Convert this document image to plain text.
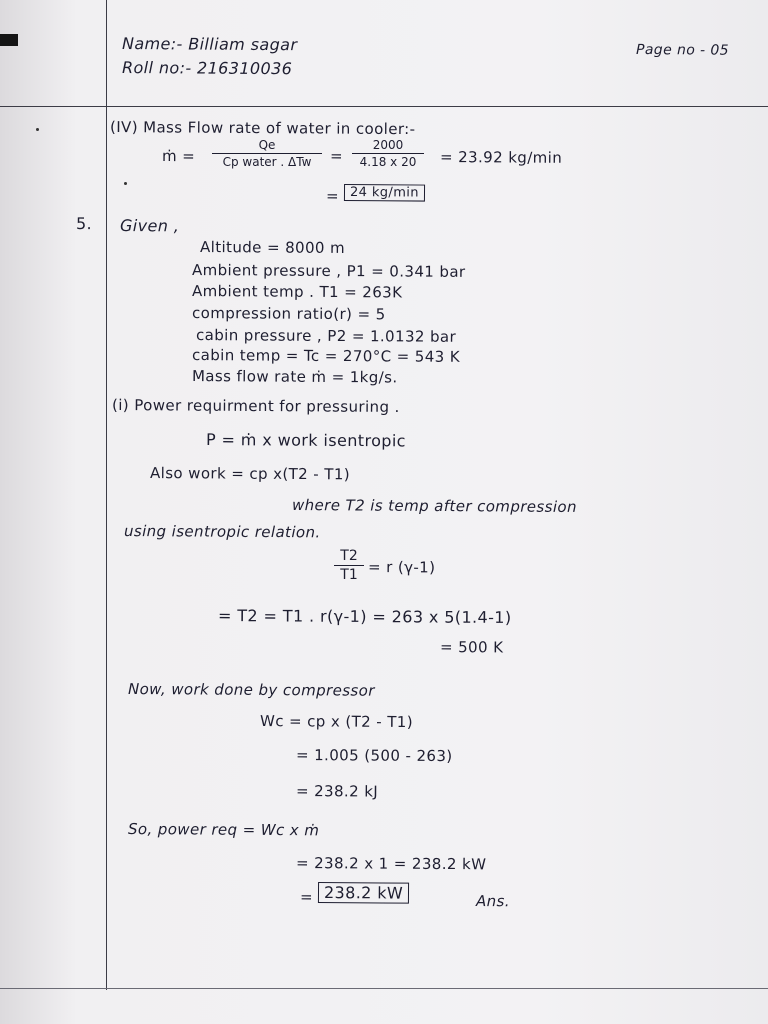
Name:- Billiam sagar
Roll no:- 216310036
Page no - 05
(IV) Mass Flow rate of water in cooler:-
ṁ =
Qe
Cp water . ΔTw	= $\frac{2000}{4.18 x 20} = 23.92$ kg/min
= 24 kg/min
5. Given ,
Altitude = 8000 m
Ambient pressure , P1 = 0.341 bar
Ambient temp . T1 = 263K
compression ratio(r) = 5
cabin pressure , P2 = 1.0132 bar
cabin temp = Tc = 270°C = 543 K
Mass flow rate ṁ = 1kg/s.
(i) Power requirment for pressuring .
P = ṁ x work isentropic
Also work = cp x(T2 - T1)
where T2 is temp after compression
using isentropic relation.
$\frac{T2}{T1} = r$ (γ-1)
= T2 = T1 . r(γ-1) = 263 x 5(1.4-1)
= 500 K
Now, work done by compressor
Wc = cp x (T2 - T1)
= 1.005 (500 - 263)
= 238.2 kJ
So, power req = Wc x ṁ
= 238.2 x 1 = 238.2 kW
= 238.2 kW	Ans.
